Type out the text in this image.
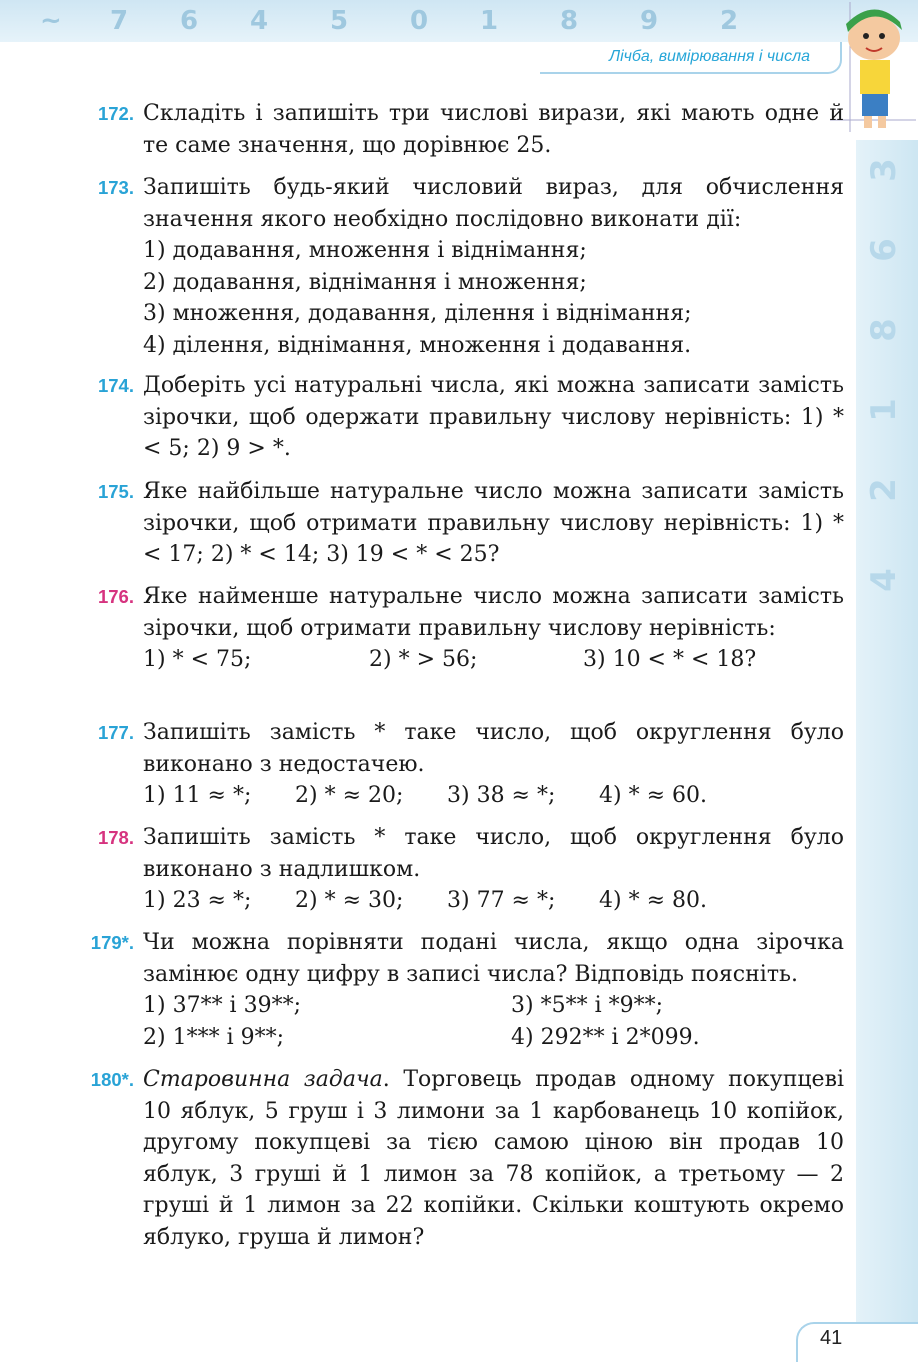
~ 7 6 4 5 0 1 8 9 2
Лічба, вимірювання і числа
3
6
8
1
2
4
172. Складіть і запишіть три числові вирази, які мають одне й те саме значення, що дорівнює 25.

173. Запишіть будь-який числовий вираз, для обчислення значення якого необхідно послідовно виконати дії:

1) додавання, множення і віднімання;

2) додавання, віднімання і множення;

3) множення, додавання, ділення і віднімання;

4) ділення, віднімання, множення і додавання.

174. Доберіть усі натуральні числа, які можна записати замість зірочки, щоб одержати правильну числову нерівність: 1) * < 5; 2) 9 > *.

175. Яке найбільше натуральне число можна записати замість зірочки, щоб отримати правильну числову нерівність: 1) * < 17; 2) * < 14; 3) 19 < * < 25?

176. Яке найменше натуральне число можна записати замість зірочки, щоб отримати правильну числову нерівність:

1) * < 75;	2) * > 56;	3) 10 < * < 18?
177. Запишіть замість * таке число, щоб округлення було виконано з недостачею.

1) 11 ≈ *;	2) * ≈ 20;	3) 38 ≈ *;	4) * ≈ 60.
178. Запишіть замість * таке число, щоб округлення було виконано з надлишком.

1) 23 ≈ *;	2) * ≈ 30;	3) 77 ≈ *;	4) * ≈ 80.
179*. Чи можна порівняти подані числа, якщо одна зірочка замінює одну цифру в записі числа? Відповідь поясніть.

1) 37** і 39**;	3) *5** і *9**;
2) 1*** і 9**;	4) 292** і 2*099.
180*. Старовинна задача. Торговець продав одному покупцеві 10 яблук, 5 груш і 3 лимони за 1 карбованець 10 копійок, другому покупцеві за тією самою ціною він продав 10 яблук, 3 груші й 1 лимон за 78 копійок, а третьому — 2 груші й 1 лимон за 22 копійки. Скільки коштують окремо яблуко, груша й лимон?

41
